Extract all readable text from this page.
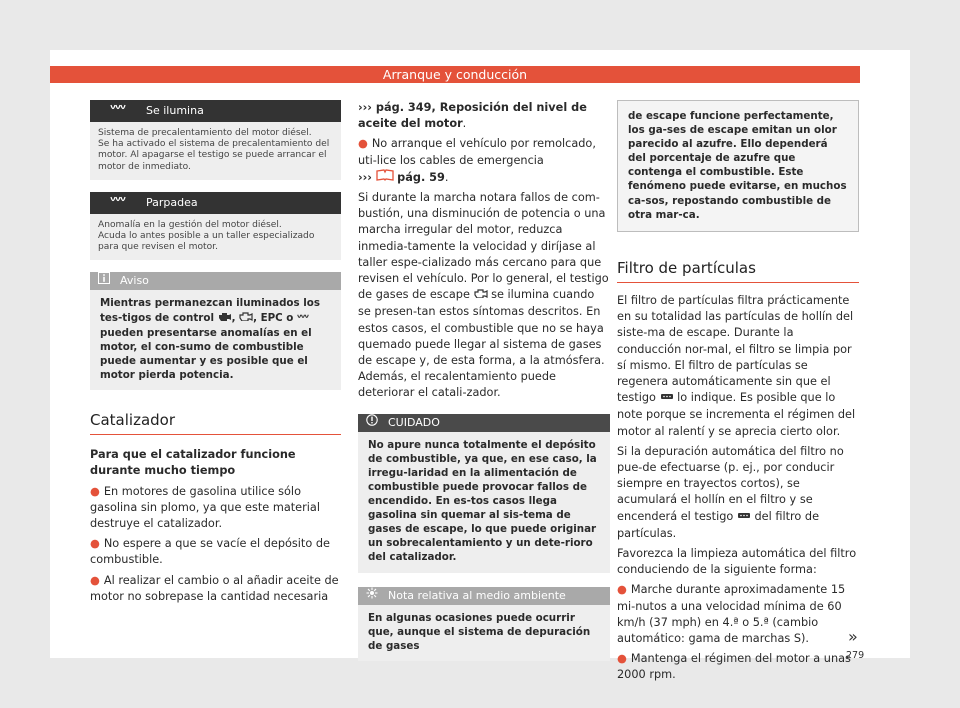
Arranque y conducción
Se ilumina
Sistema de precalentamiento del motor diésel.
Se ha activado el sistema de precalentamiento del motor. Al apagarse el testigo se puede arrancar el motor de inmediato.
Parpadea
Anomalía en la gestión del motor diésel.
Acuda lo antes posible a un taller especializado para que revisen el motor.
Aviso
Mientras permanezcan iluminados los tes-tigos de control , , EPC o  pueden presentarse anomalías en el motor, el con-sumo de combustible puede aumentar y es posible que el motor pierda potencia.
Catalizador
Para que el catalizador funcione durante mucho tiempo
● En motores de gasolina utilice sólo gasolina sin plomo, ya que este material destruye el catalizador.
● No espere a que se vacíe el depósito de combustible.
● Al realizar el cambio o al añadir aceite de motor no sobrepase la cantidad necesaria
››› pág. 349, Reposición del nivel de aceite del motor.
● No arranque el vehículo por remolcado, uti-lice los cables de emergencia
››› pág. 59.
Si durante la marcha notara fallos de com-bustión, una disminución de potencia o una marcha irregular del motor, reduzca inmedia-tamente la velocidad y diríjase al taller espe-cializado más cercano para que revisen el vehículo. Por lo general, el testigo de gases de escape  se ilumina cuando se presen-tan estos síntomas descritos. En estos casos, el combustible que no se haya quemado puede llegar al sistema de gases de escape y, de esta forma, a la atmósfera. Además, el recalentamiento puede deteriorar el catali-zador.
CUIDADO
No apure nunca totalmente el depósito de combustible, ya que, en ese caso, la irregu-laridad en la alimentación de combustible puede provocar fallos de encendido. En es-tos casos llega gasolina sin quemar al sis-tema de gases de escape, lo que puede originar un sobrecalentamiento y un dete-rioro del catalizador.
Nota relativa al medio ambiente
En algunas ocasiones puede ocurrir que, aunque el sistema de depuración de gases
de escape funcione perfectamente, los ga-ses de escape emitan un olor parecido al azufre. Ello dependerá del porcentaje de azufre que contenga el combustible. Este fenómeno puede evitarse, en muchos ca-sos, repostando combustible de otra mar-ca.
Filtro de partículas
El filtro de partículas filtra prácticamente en su totalidad las partículas de hollín del siste-ma de escape. Durante la conducción nor-mal, el filtro se limpia por sí mismo. El filtro de partículas se regenera automáticamente sin que el testigo  lo indique. Es posible que lo note porque se incrementa el régimen del motor al ralentí y se aprecia cierto olor.
Si la depuración automática del filtro no pue-de efectuarse (p. ej., por conducir siempre en trayectos cortos), se acumulará el hollín en el filtro y se encenderá el testigo  del filtro de partículas.
Favorezca la limpieza automática del filtro conduciendo de la siguiente forma:
● Marche durante aproximadamente 15 mi-nutos a una velocidad mínima de 60 km/h (37 mph) en 4.ª o 5.ª (cambio automático: gama de marchas S).
● Mantenga el régimen del motor a unas 2000 rpm.
»
279
